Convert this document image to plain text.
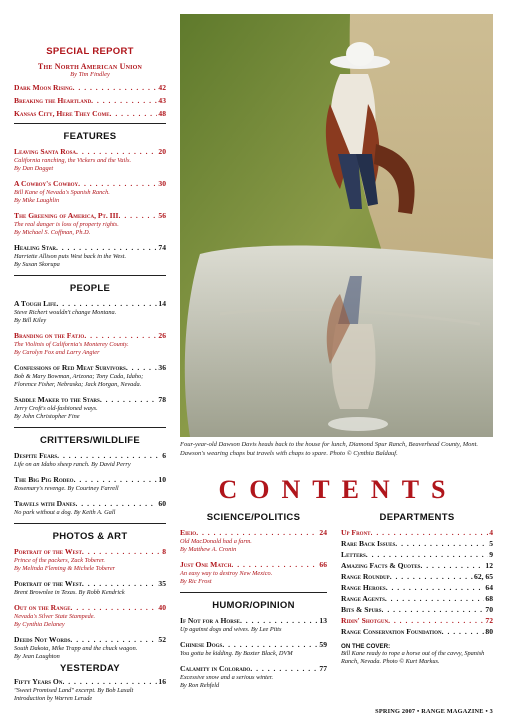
SPECIAL REPORT
The North American Union
By Tim Findley
Dark Moon Rising . . .	42
Breaking the Heartland . . .	43
Kansas City, Here They Come . . .	48
FEATURES
Leaving Santa Rosa . . .	20
California ranching, the Vickers and the Vails.
By Dan Dagget
A Cowboy's Cowboy . . .	30
Bill Kane of Nevada's Spanish Ranch.
By Mike Laughlin
The Greening of America, Pt. III . . .	56
The real danger is loss of property rights.
By Michael S. Coffman, Ph.D.
Healing Star . . .	74
Harriette Allison puts West back in the West.
By Susan Skorupa
PEOPLE
A Tough Life . . .	14
Steve Richert wouldn't change Montana.
By Bill Kiley
Branding on the Fatjo . . .	26
The Violinis of California's Monterey County.
By Carolyn Fox and Larry Angier
Confessions of Red Meat Survivors . . .	36
Bob & Mary Bowman, Arizona; Tony Cada, Idaho; Florence Fisher, Nebraska; Jack Horgan, Nevada.
Saddle Maker to the Stars . . .	78
Jerry Croft's old-fashioned ways.
By John Christopher Fine
CRITTERS/WILDLIFE
Despite Fears . . .	6
Life on an Idaho sheep ranch. By David Perry
The Big Pig Rodeo . . .	10
Rosemary's revenge. By Courtney Farrell
Travels with Danes . . .	60
No park without a dog. By Keith A. Gall
PHOTOS & ART
Portrait of the West . . .	8
Prince of the packers, Zack Toberer.
By Melinda Fleming & Michele Toberer
Portrait of the West . . .	35
Brent Brownlee in Texas. By Robb Kendrick
Out on the Range . . .	40
Nevada's Silver State Stampede.
By Cynthia Delaney
Deeds Not Words . . .	52
South Dakota, Mike Trapp and the chuck wagon.
By Jean Laughton
YESTERDAY
Fifty Years On . . .	16
"Sweet Promised Land" excerpt. By Bob Laxalt
Introduction by Warren Lerude
Four-year-old Dawson Davis heads back to the house for lunch, Diamond Spur Ranch, Beaverhead County, Mont. Dawson's wearing chaps but travels with chaps to spare. Photo © Cynthia Baldauf.
CONTENTS
SCIENCE/POLITICS
Eieio . . .	24
Old MacDonald had a farm.
By Matthew A. Cronin
Just One Match . . .	66
An easy way to destroy New Mexico.
By Ric Frost
HUMOR/OPINION
If Not for a Horse . . .	13
Up against dogs and wives. By Lee Pitts
Chinese Dogs . . .	59
You gotta be kidding. By Baxter Black, DVM
Calamity in Colorado . . .	77
Excessive snow and a serious winter.
By Ron Rehfeld
DEPARTMENTS
Up Front . . .	4
Rare Back Issues . . .	5
Letters . . .	9
Amazing Facts & Quotes . . .	12
Range Roundup . . .	62, 65
Range Heroes . . .	64
Range Agents . . .	68
Bits & Spurs . . .	70
Ridin' Shotgun . . .	72
Range Conservation Foundation . . .	80
ON THE COVER:
Bill Kane ready to rope a horse out of the cavvy, Spanish Ranch, Nevada. Photo © Kurt Markus.
SPRING 2007 • RANGE MAGAZINE • 3
